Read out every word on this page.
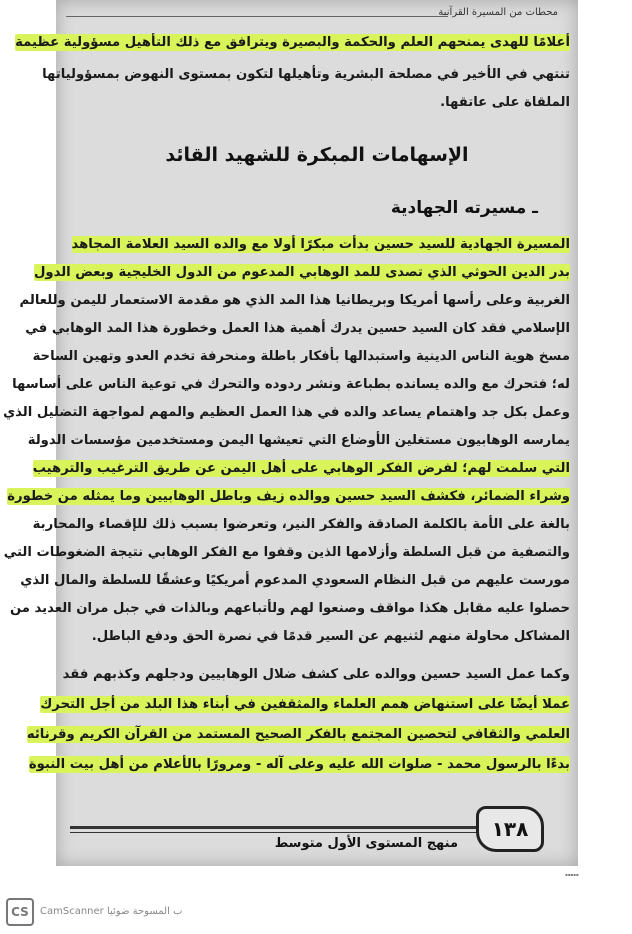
محطات من المسيرة القرآنية
أعلامًا للهدى يمنحهم العلم والحكمة والبصيرة ويترافق مع ذلك التأهيل مسؤولية عظيمة
تنتهي في الأخير في مصلحة البشرية وتأهيلها لتكون بمستوى النهوض بمسؤولياتها
الملقاة على عاتقها.
الإسهامات المبكرة للشهيد القائد
ـ مسيرته الجهادية
المسيرة الجهادية للسيد حسين بدأت مبكرًا أولا مع والده السيد العلامة المجاهد
بدر الدين الحوثي الذي تصدى للمد الوهابي المدعوم من الدول الخليجية وبعض الدول
الغربية وعلى رأسها أمريكا وبريطانيا هذا المد الذي هو مقدمة الاستعمار لليمن وللعالم
الإسلامي فقد كان السيد حسين يدرك أهمية هذا العمل وخطورة هذا المد الوهابي في
مسخ هوية الناس الدينية واستبدالها بأفكار باطلة ومنحرفة تخدم العدو وتهين الساحة
له؛ فتحرك مع والده يسانده بطباعة ونشر ردوده والتحرك في توعية الناس على أساسها
وعمل بكل جد واهتمام يساعد والده في هذا العمل العظيم والمهم لمواجهة التضليل الذي
يمارسه الوهابيون مستغلين الأوضاع التي تعيشها اليمن ومستخدمين مؤسسات الدولة
التي سلمت لهم؛ لفرض الفكر الوهابي على أهل اليمن عن طريق الترغيب والترهيب
وشراء الضمائر، فكشف السيد حسين ووالده زيف وباطل الوهابيين وما يمثله من خطورة
بالغة على الأمة بالكلمة الصادقة والفكر النير، وتعرضوا بسبب ذلك للإقصاء والمحاربة
والتصفية من قبل السلطة وأزلامها الذين وقفوا مع الفكر الوهابي نتيجة الضغوطات التي
مورست عليهم من قبل النظام السعودي المدعوم أمريكيًا وعشقًا للسلطة والمال الذي
حصلوا عليه مقابل هكذا مواقف وصنعوا لهم ولأتباعهم وبالذات في جبل مران العديد من
المشاكل محاولة منهم لثنيهم عن السير قدمًا في نصرة الحق ودفع الباطل.
وكما عمل السيد حسين ووالده على كشف ضلال الوهابيين ودجلهم وكذبهم فقد
عملا أيضًا على استنهاض همم العلماء والمثقفين في أبناء هذا البلد من أجل التحرك
العلمي والثقافي لتحصين المجتمع بالفكر الصحيح المستمد من القرآن الكريم وقرنائه
بدءًا بالرسول محمد - صلوات الله عليه وعلى آله - ومرورًا بالأعلام من أهل بيت النبوة
١٣٨
منهج المستوى الأول متوسط
▪▪▪▪▪
CS	CamScanner ب المسوحة ضوئيا
